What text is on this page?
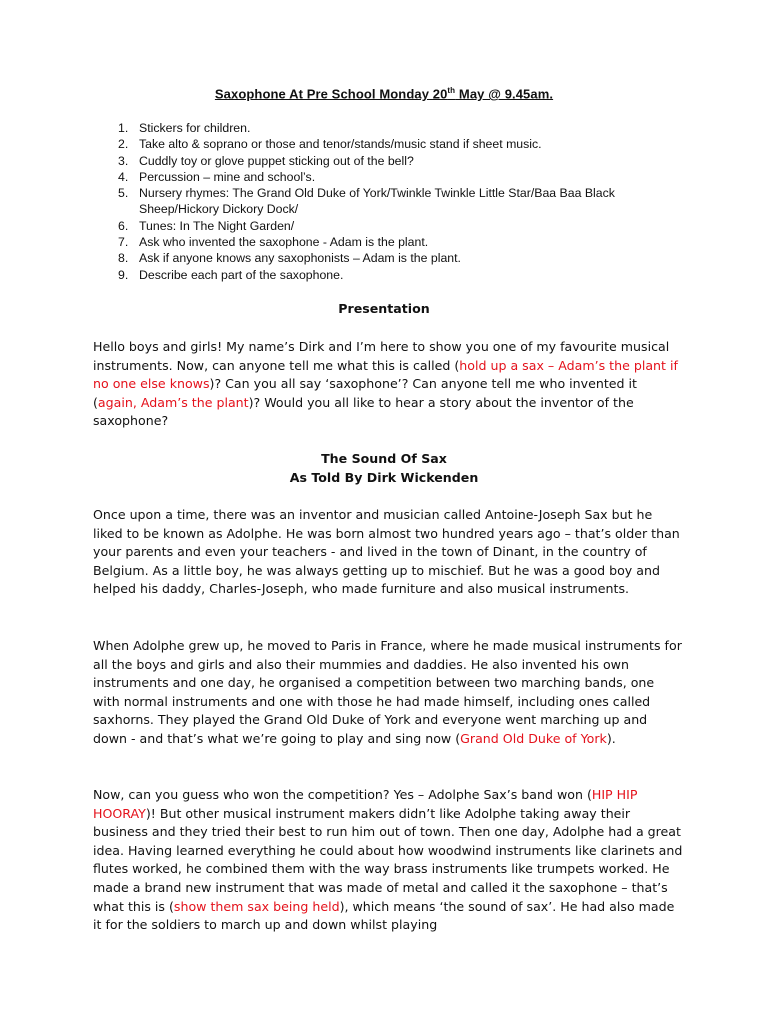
Saxophone At Pre School Monday 20th May @ 9.45am.
1. Stickers for children.
2. Take alto & soprano or those and tenor/stands/music stand if sheet music.
3. Cuddly toy or glove puppet sticking out of the bell?
4. Percussion – mine and school’s.
5. Nursery rhymes: The Grand Old Duke of York/Twinkle Twinkle Little Star/Baa Baa Black Sheep/Hickory Dickory Dock/
6. Tunes: In The Night Garden/
7. Ask who invented the saxophone - Adam is the plant.
8. Ask if anyone knows any saxophonists – Adam is the plant.
9. Describe each part of the saxophone.
Presentation

Hello boys and girls! My name’s Dirk and I’m here to show you one of my favourite musical instruments. Now, can anyone tell me what this is called (hold up a sax – Adam’s the plant if no one else knows)? Can you all say ‘saxophone’? Can anyone tell me who invented it (again, Adam’s the plant)? Would you all like to hear a story about the inventor of the saxophone?

The Sound Of Sax
As Told By Dirk Wickenden

Once upon a time, there was an inventor and musician called Antoine-Joseph Sax but he liked to be known as Adolphe. He was born almost two hundred years ago – that’s older than your parents and even your teachers - and lived in the town of Dinant, in the country of Belgium. As a little boy, he was always getting up to mischief. But he was a good boy and helped his daddy, Charles-Joseph, who made furniture and also musical instruments.

When Adolphe grew up, he moved to Paris in France, where he made musical instruments for all the boys and girls and also their mummies and daddies. He also invented his own instruments and one day, he organised a competition between two marching bands, one with normal instruments and one with those he had made himself, including ones called saxhorns. They played the Grand Old Duke of York and everyone went marching up and down - and that’s what we’re going to play and sing now (Grand Old Duke of York).

Now, can you guess who won the competition? Yes – Adolphe Sax’s band won (HIP HIP HOORAY)! But other musical instrument makers didn’t like Adolphe taking away their business and they tried their best to run him out of town. Then one day, Adolphe had a great idea. Having learned everything he could about how woodwind instruments like clarinets and flutes worked, he combined them with the way brass instruments like trumpets worked. He made a brand new instrument that was made of metal and called it the saxophone – that’s what this is (show them sax being held), which means ‘the sound of sax’. He had also made it for the soldiers to march up and down whilst playing
